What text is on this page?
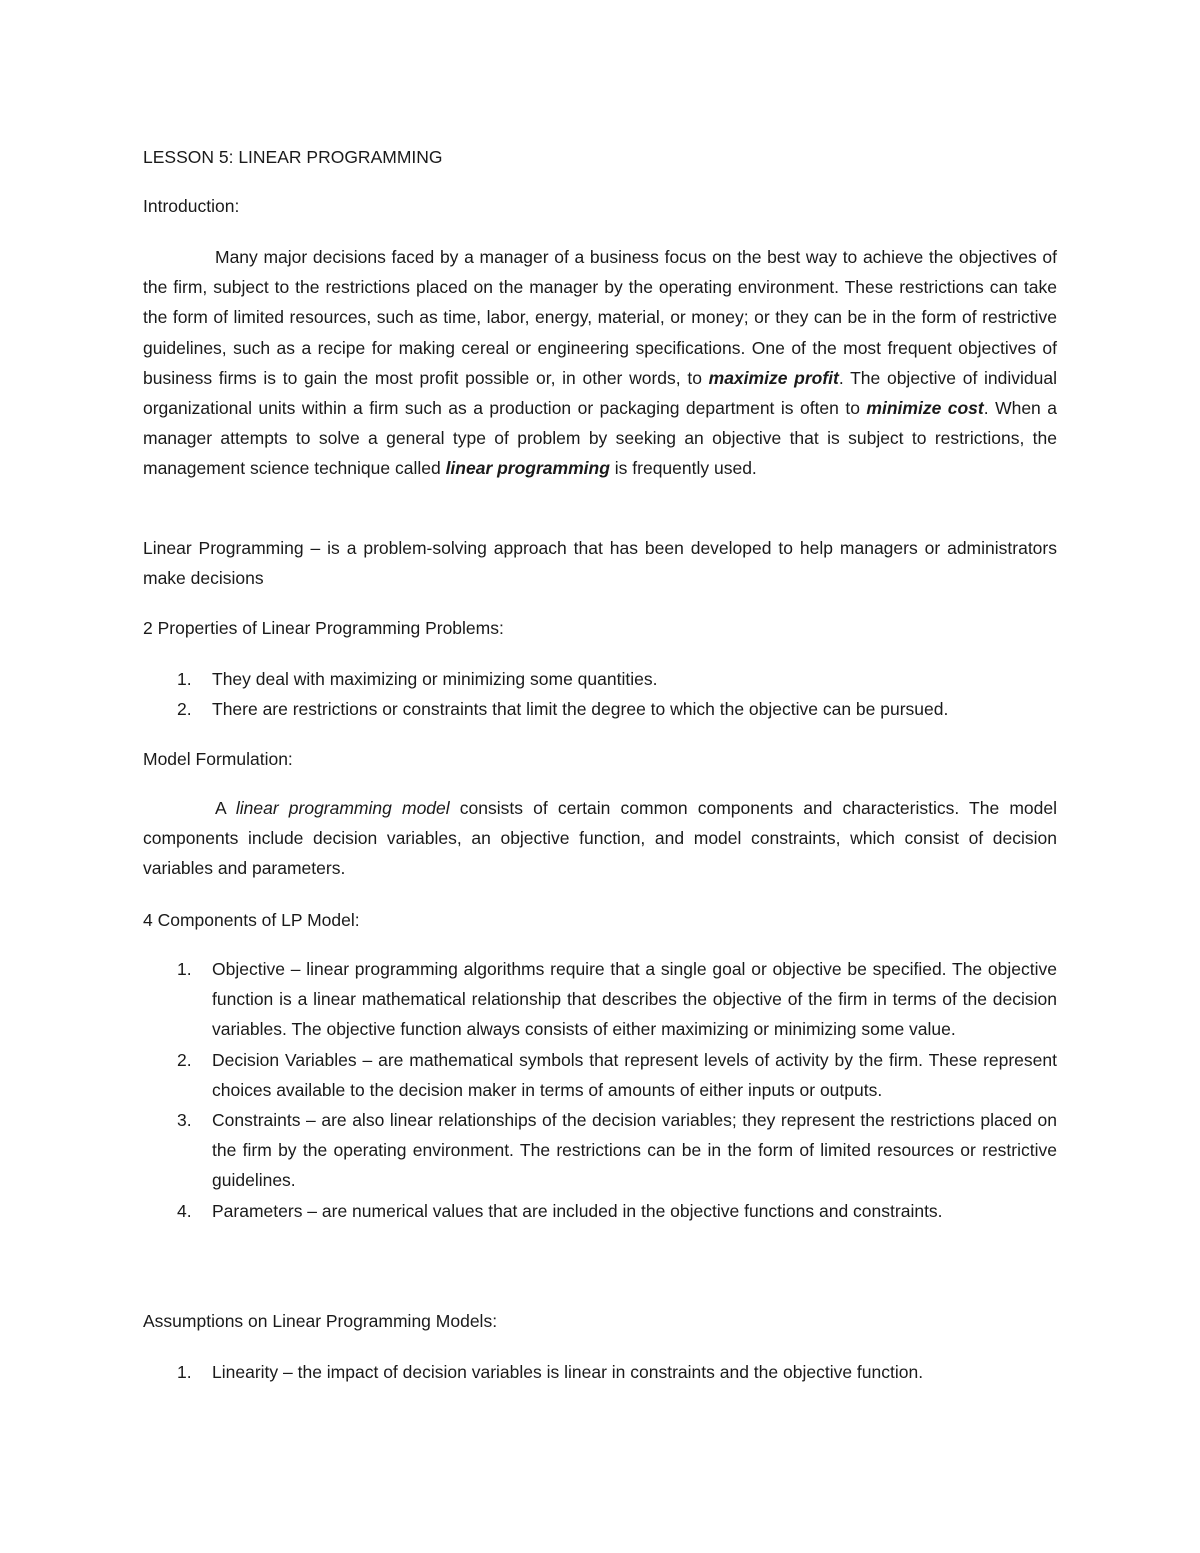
LESSON 5: LINEAR PROGRAMMING
Introduction:
Many major decisions faced by a manager of a business focus on the best way to achieve the objectives of the firm, subject to the restrictions placed on the manager by the operating environment. These restrictions can take the form of limited resources, such as time, labor, energy, material, or money; or they can be in the form of restrictive guidelines, such as a recipe for making cereal or engineering specifications. One of the most frequent objectives of business firms is to gain the most profit possible or, in other words, to maximize profit. The objective of individual organizational units within a firm such as a production or packaging department is often to minimize cost. When a manager attempts to solve a general type of problem by seeking an objective that is subject to restrictions, the management science technique called linear programming is frequently used.
Linear Programming – is a problem-solving approach that has been developed to help managers or administrators make decisions
2 Properties of Linear Programming Problems:
1. They deal with maximizing or minimizing some quantities.
2. There are restrictions or constraints that limit the degree to which the objective can be pursued.
Model Formulation:
A linear programming model consists of certain common components and characteristics. The model components include decision variables, an objective function, and model constraints, which consist of decision variables and parameters.
4 Components of LP Model:
1. Objective – linear programming algorithms require that a single goal or objective be specified. The objective function is a linear mathematical relationship that describes the objective of the firm in terms of the decision variables. The objective function always consists of either maximizing or minimizing some value.
2. Decision Variables – are mathematical symbols that represent levels of activity by the firm. These represent choices available to the decision maker in terms of amounts of either inputs or outputs.
3. Constraints – are also linear relationships of the decision variables; they represent the restrictions placed on the firm by the operating environment. The restrictions can be in the form of limited resources or restrictive guidelines.
4. Parameters – are numerical values that are included in the objective functions and constraints.
Assumptions on Linear Programming Models:
1. Linearity – the impact of decision variables is linear in constraints and the objective function.
